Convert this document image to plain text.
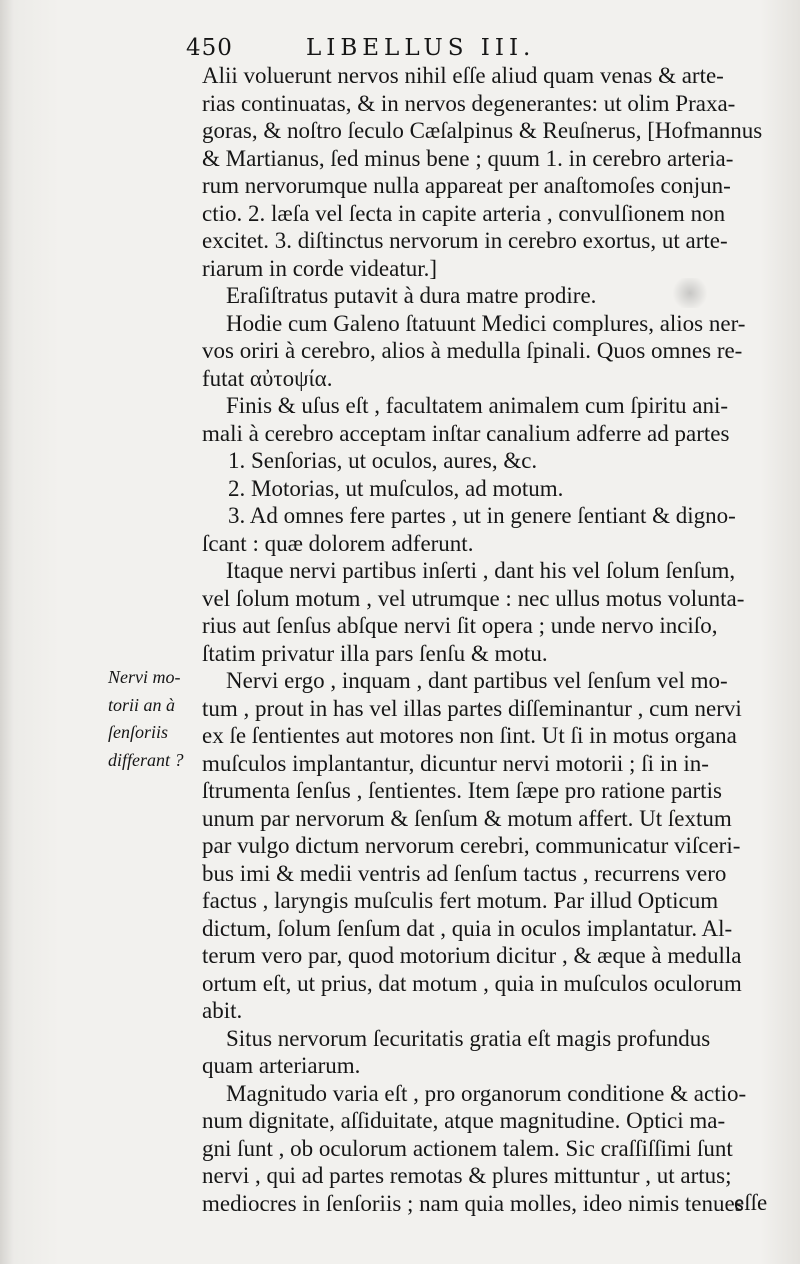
450	LIBELLUS III.
Nervi mo-
torii an à
ſenſoriis
differant ?
Alii voluerunt nervos nihil eſſe aliud quam venas & arte-
rias continuatas, & in nervos degenerantes: ut olim Praxa-
goras, & noſtro ſeculo Cæſalpinus & Reuſnerus, [Hofmannus
& Martianus, ſed minus bene ; quum 1. in cerebro arteria-
rum nervorumque nulla appareat per anaſtomoſes conjun-
ctio. 2. læſa vel ſecta in capite arteria , convulſionem non
excitet. 3. diſtinctus nervorum in cerebro exortus, ut arte-
riarum in corde videatur.]
Eraſiſtratus putavit à dura matre prodire.
Hodie cum Galeno ſtatuunt Medici complures, alios ner-
vos oriri à cerebro, alios à medulla ſpinali. Quos omnes re-
futat αὐτοψία.
Finis & uſus eſt , facultatem animalem cum ſpiritu ani-
mali à cerebro acceptam inſtar canalium adferre ad partes
1. Senſorias, ut oculos, aures, &c.
2. Motorias, ut muſculos, ad motum.
3. Ad omnes fere partes , ut in genere ſentiant & digno-
ſcant : quæ dolorem adferunt.
Itaque nervi partibus inſerti , dant his vel ſolum ſenſum,
vel ſolum motum , vel utrumque : nec ullus motus volunta-
rius aut ſenſus abſque nervi ſit opera ; unde nervo inciſo,
ſtatim privatur illa pars ſenſu & motu.
Nervi ergo , inquam , dant partibus vel ſenſum vel mo-
tum , prout in has vel illas partes diſſeminantur , cum nervi
ex ſe ſentientes aut motores non ſint. Ut ſi in motus organa
muſculos implantantur, dicuntur nervi motorii ; ſi in in-
ſtrumenta ſenſus , ſentientes. Item ſæpe pro ratione partis
unum par nervorum & ſenſum & motum affert. Ut ſextum
par vulgo dictum nervorum cerebri, communicatur viſceri-
bus imi & medii ventris ad ſenſum tactus , recurrens vero
factus , laryngis muſculis fert motum. Par illud Opticum
dictum, ſolum ſenſum dat , quia in oculos implantatur. Al-
terum vero par, quod motorium dicitur , & æque à medulla
ortum eſt, ut prius, dat motum , quia in muſculos oculorum
abit.
Situs nervorum ſecuritatis gratia eſt magis profundus
quam arteriarum.
Magnitudo varia eſt , pro organorum conditione & actio-
num dignitate, aſſiduitate, atque magnitudine. Optici ma-
gni ſunt , ob oculorum actionem talem. Sic craſſiſſimi ſunt
nervi , qui ad partes remotas & plures mittuntur , ut artus;
mediocres in ſenſoriis ; nam quia molles, ideo nimis tenues
eſſe
